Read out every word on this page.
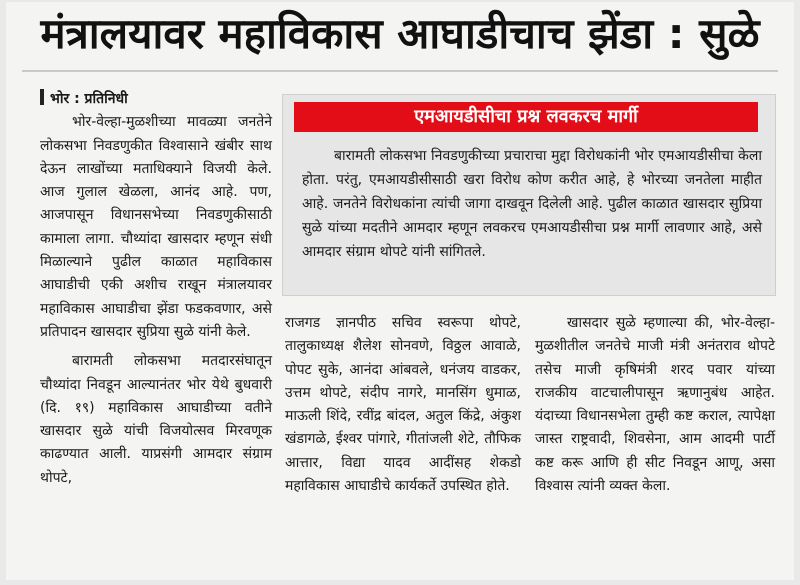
मंत्रालयावर महाविकास आघाडीचाच झेंडा : सुळे

भोर : प्रतिनिधी

भोर-वेल्हा-मुळशीच्या मावळ्या जनतेने लोकसभा निवडणुकीत विश्वासाने खंबीर साथ देऊन लाखोंच्या मताधिक्याने विजयी केले. आज गुलाल खेळला, आनंद आहे. पण, आजपासून विधानसभेच्या निवडणुकीसाठी कामाला लागा. चौथ्यांदा खासदार म्हणून संधी मिळाल्याने पुढील काळात महाविकास आघाडीची एकी अशीच राखून मंत्रालयावर महाविकास आघाडीचा झेंडा फडकवणार, असे प्रतिपादन खासदार सुप्रिया सुळे यांनी केले.

बारामती लोकसभा मतदारसंघातून चौथ्यांदा निवडून आल्यानंतर भोर येथे बुधवारी (दि. १९) महाविकास आघाडीच्या वतीने खासदार सुळे यांची विजयोत्सव मिरवणूक काढण्यात आली. याप्रसंगी आमदार संग्राम थोपटे,

एमआयडीसीचा प्रश्न लवकरच मार्गी
बारामती लोकसभा निवडणुकीच्या प्रचाराचा मुद्दा विरोधकांनी भोर एमआयडीसीचा केला होता. परंतु, एमआयडीसीसाठी खरा विरोध कोण करीत आहे, हे भोरच्या जनतेला माहीत आहे. जनतेने विरोधकांना त्यांची जागा दाखवून दिलेली आहे. पुढील काळात खासदार सुप्रिया सुळे यांच्या मदतीने आमदार म्हणून लवकरच एमआयडीसीचा प्रश्न मार्गी लावणार आहे, असे आमदार संग्राम थोपटे यांनी सांगितले.

राजगड ज्ञानपीठ सचिव स्वरूपा थोपटे, तालुकाध्यक्ष शैलेश सोनवणे, विठ्ठल आवाळे, पोपट सुके, आनंदा आंबवले, धनंजय वाडकर, उत्तम थोपटे, संदीप नागरे, मानसिंग धुमाळ, माऊली शिंदे, रवींद्र बांदल, अतुल किंद्रे, अंकुश खंडागळे, ईश्वर पांगारे, गीतांजली शेटे, तौफिक आत्तार, विद्या यादव आदींसह शेकडो महाविकास आघाडीचे कार्यकर्ते उपस्थित होते.

खासदार सुळे म्हणाल्या की, भोर-वेल्हा-मुळशीतील जनतेचे माजी मंत्री अनंतराव थोपटे तसेच माजी कृषिमंत्री शरद पवार यांच्या राजकीय वाटचालीपासून ऋणानुबंध आहेत. यंदाच्या विधानसभेला तुम्ही कष्ट कराल, त्यापेक्षा जास्त राष्ट्रवादी, शिवसेना, आम आदमी पार्टी कष्ट करू आणि ही सीट निवडून आणू, असा विश्वास त्यांनी व्यक्त केला.
